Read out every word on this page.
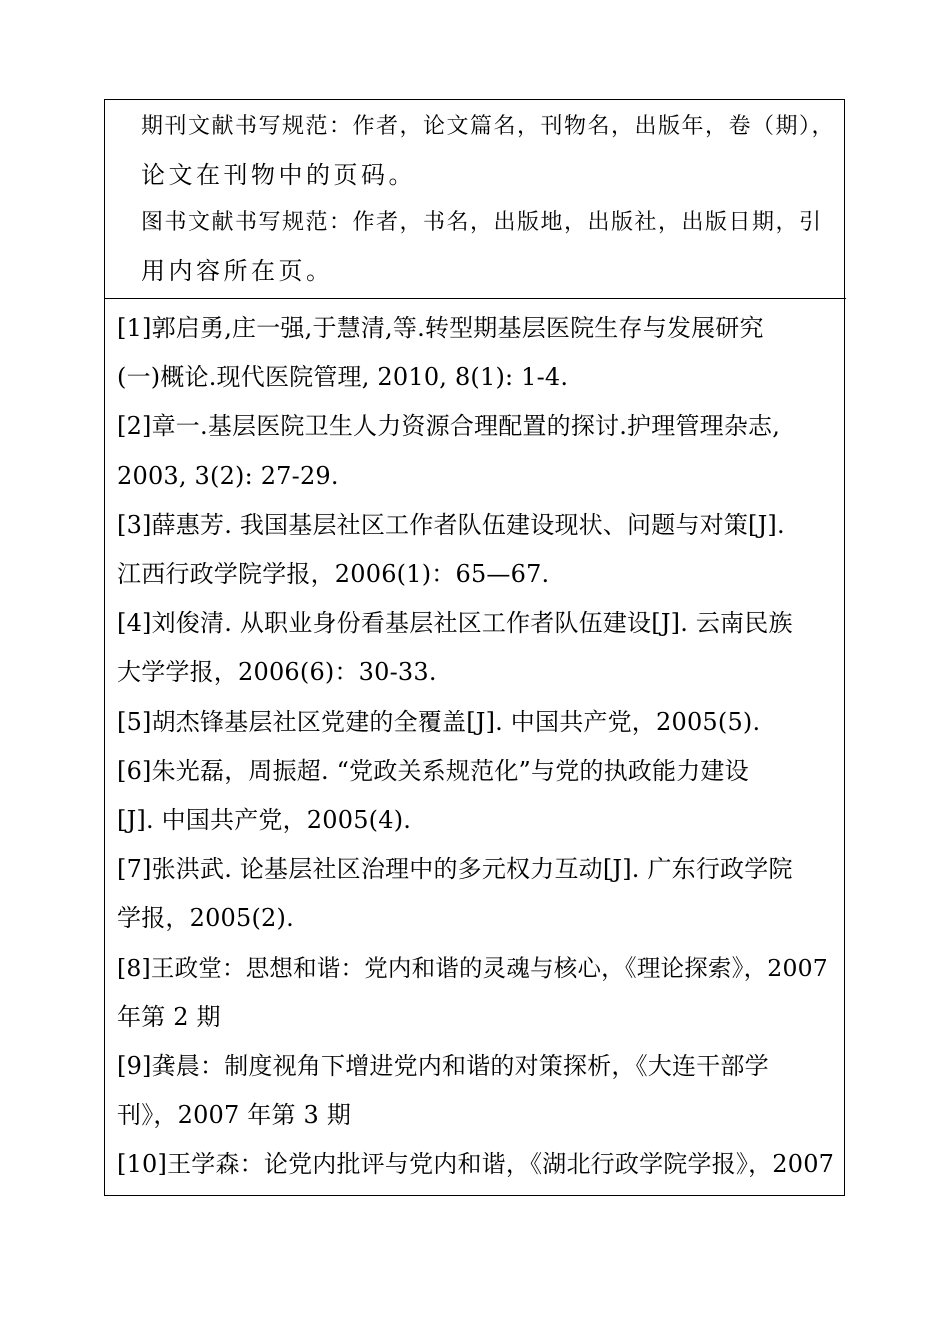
期刊文献书写规范：作者，论文篇名，刊物名，出版年，卷（期），
论文在刊物中的页码。
图书文献书写规范：作者，书名，出版地，出版社，出版日期，引
用内容所在页。
[1]郭启勇,庄一强,于慧清,等.转型期基层医院生存与发展研究
(一)概论.现代医院管理, 2010, 8(1): 1-4.
[2]章一.基层医院卫生人力资源合理配置的探讨.护理管理杂志,
2003, 3(2): 27-29.
[3]薛惠芳. 我国基层社区工作者队伍建设现状、问题与对策[J].
江西行政学院学报，2006(1)：65—67.
[4]刘俊清. 从职业身份看基层社区工作者队伍建设[J]. 云南民族
大学学报，2006(6)：30-33.
[5]胡杰锋基层社区党建的全覆盖[J]. 中国共产党，2005(5).
[6]朱光磊，周振超. “党政关系规范化”与党的执政能力建设
[J]. 中国共产党，2005(4).
[7]张洪武. 论基层社区治理中的多元权力互动[J]. 广东行政学院
学报，2005(2).
[8]王政堂：思想和谐：党内和谐的灵魂与核心，《理论探索》，2007
年第 2 期
[9]龚晨：制度视角下增进党内和谐的对策探析，《大连干部学
刊》，2007 年第 3 期
[10]王学森：论党内批评与党内和谐，《湖北行政学院学报》，2007
